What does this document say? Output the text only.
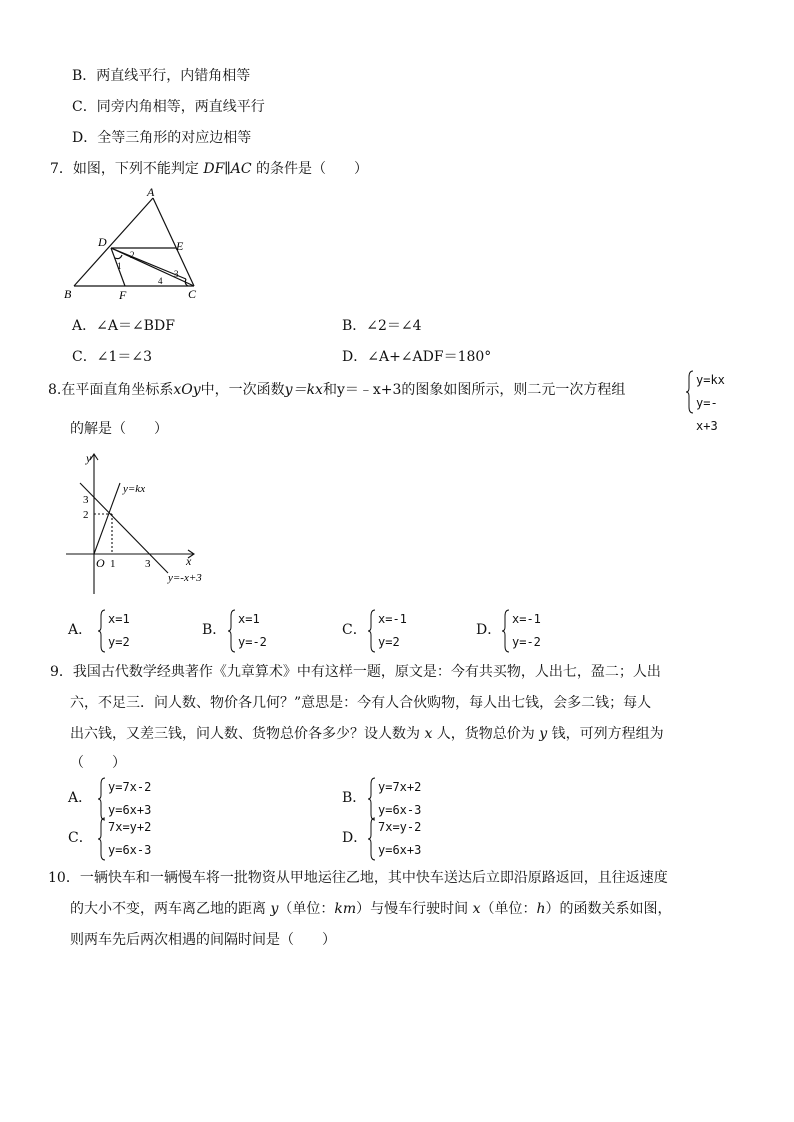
B．两直线平行，内错角相等
C．同旁内角相等，两直线平行
D．全等三角形的对应边相等
7．如图，下列不能判定 DF∥AC 的条件是（　　）
A
B	C
D	E
F
1
2
3
4
A．∠A＝∠BDF	B．∠2＝∠4
C．∠1＝∠3	D．∠A+∠ADF＝180°
8.在平面直角坐标系xOy中，一次函数y＝kx和y＝﹣x+3的图象如图所示，则二元一次方程组
y=kx
y=-x+3
的解是（　　）
y
x
O
3
2
1	3
y=kx
y=-x+3
A．
x=1
y=2
B．
x=1
y=-2
C．
x=-1
y=2
D．
x=-1
y=-2
9．我国古代数学经典著作《九章算术》中有这样一题，原文是：今有共买物，人出七，盈二；人出
六，不足三．问人数、物价各几何？”意思是：今有人合伙购物，每人出七钱，会多二钱；每人
出六钱，又差三钱，问人数、货物总价各多少？设人数为 x 人，货物总价为 y 钱，可列方程组为
（　　）
A．
y=7x-2
y=6x+3
B．
y=7x+2
y=6x-3
C．
7x=y+2
y=6x-3
D．
7x=y-2
y=6x+3
10．一辆快车和一辆慢车将一批物资从甲地运往乙地，其中快车送达后立即沿原路返回，且往返速度
的大小不变，两车离乙地的距离 y（单位：km）与慢车行驶时间 x（单位：h）的函数关系如图，
则两车先后两次相遇的间隔时间是（　　）
